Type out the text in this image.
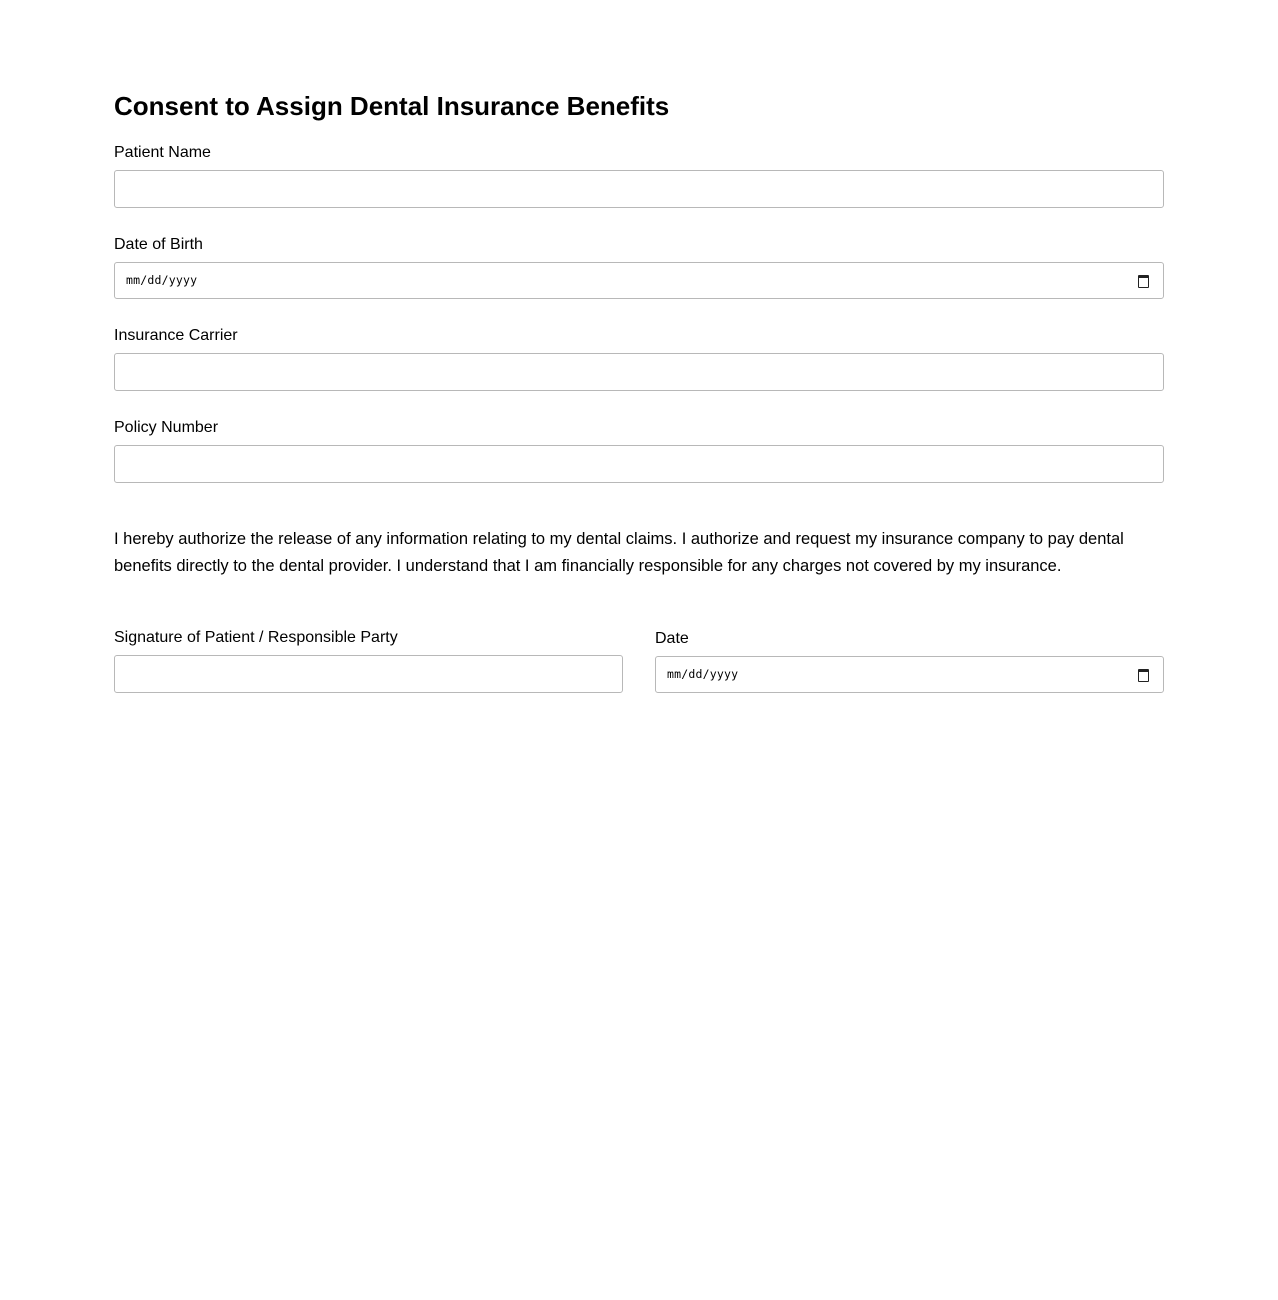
Consent to Assign Dental Insurance Benefits
Patient Name
Date of Birth
mm/dd/yyyy
Insurance Carrier
Policy Number

I hereby authorize the release of any information relating to my dental claims. I authorize and request my insurance company to pay dental benefits directly to the dental provider. I understand that I am financially responsible for any charges not covered by my insurance.

Signature of Patient / Responsible Party	Date
mm/dd/yyyy
